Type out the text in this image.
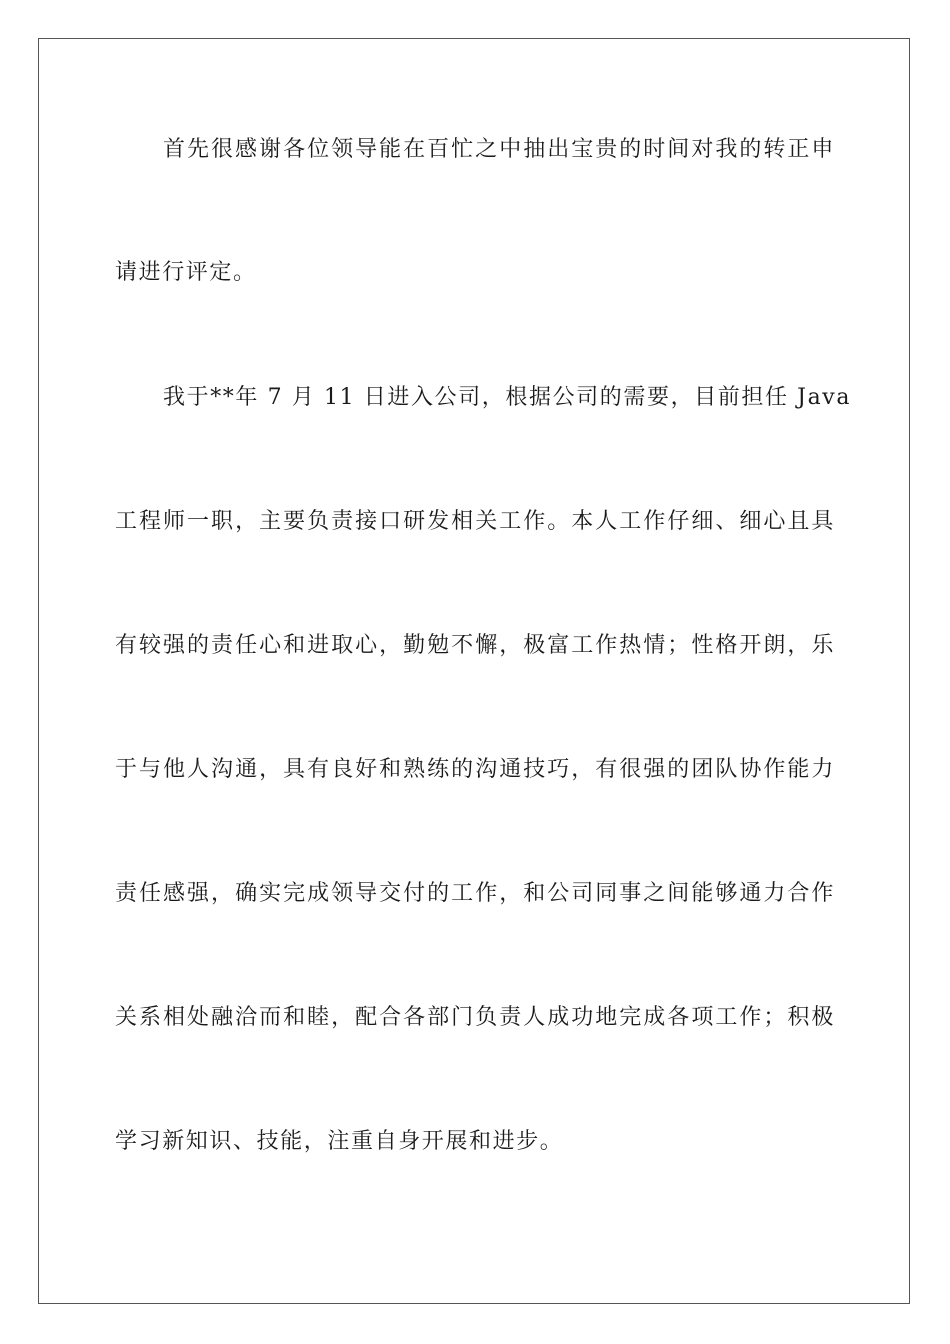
首先很感谢各位领导能在百忙之中抽出宝贵的时间对我的转正申
请进行评定。
我于**年 7 月 11 日进入公司，根据公司的需要，目前担任 Java
工程师一职，主要负责接口研发相关工作。本人工作仔细、细心且具
有较强的责任心和进取心，勤勉不懈，极富工作热情；性格开朗，乐
于与他人沟通，具有良好和熟练的沟通技巧，有很强的团队协作能力
责任感强，确实完成领导交付的工作，和公司同事之间能够通力合作
关系相处融洽而和睦，配合各部门负责人成功地完成各项工作；积极
学习新知识、技能，注重自身开展和进步。
